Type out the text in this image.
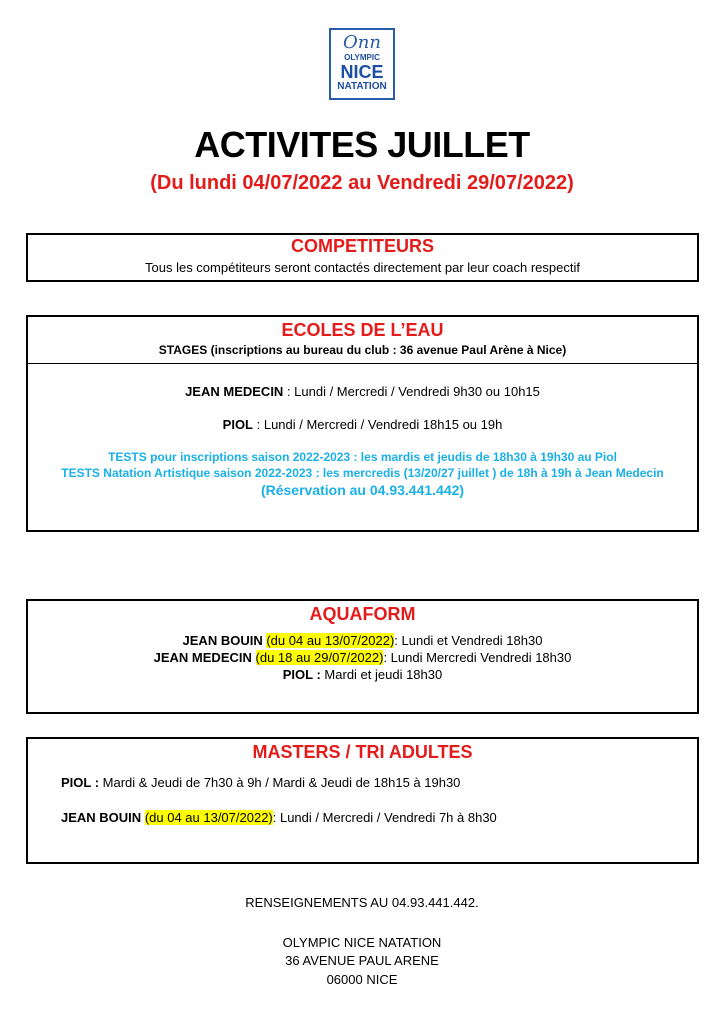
Onn
OLYMPIC
NICE
NATATION
ACTIVITES JUILLET
(Du lundi 04/07/2022 au Vendredi 29/07/2022)
COMPETITEURS
Tous les compétiteurs seront contactés directement par leur coach respectif
ECOLES DE L’EAU
STAGES (inscriptions au bureau du club : 36 avenue Paul Arène à Nice)
JEAN MEDECIN : Lundi / Mercredi / Vendredi 9h30 ou 10h15
PIOL : Lundi / Mercredi / Vendredi 18h15 ou 19h
TESTS pour inscriptions saison 2022-2023 : les mardis et jeudis de 18h30 à 19h30 au Piol
TESTS Natation Artistique saison 2022-2023 : les mercredis (13/20/27 juillet ) de 18h à 19h à Jean Medecin
(Réservation au 04.93.441.442)
AQUAFORM
JEAN BOUIN (du 04 au 13/07/2022): Lundi et Vendredi 18h30
JEAN MEDECIN (du 18 au 29/07/2022): Lundi Mercredi Vendredi 18h30
PIOL : Mardi et jeudi 18h30
MASTERS / TRI ADULTES
PIOL : Mardi & Jeudi de 7h30 à 9h / Mardi & Jeudi de 18h15 à 19h30
JEAN BOUIN (du 04 au 13/07/2022): Lundi / Mercredi / Vendredi 7h à 8h30
RENSEIGNEMENTS AU 04.93.441.442.
OLYMPIC NICE NATATION
36 AVENUE PAUL ARENE
06000 NICE
